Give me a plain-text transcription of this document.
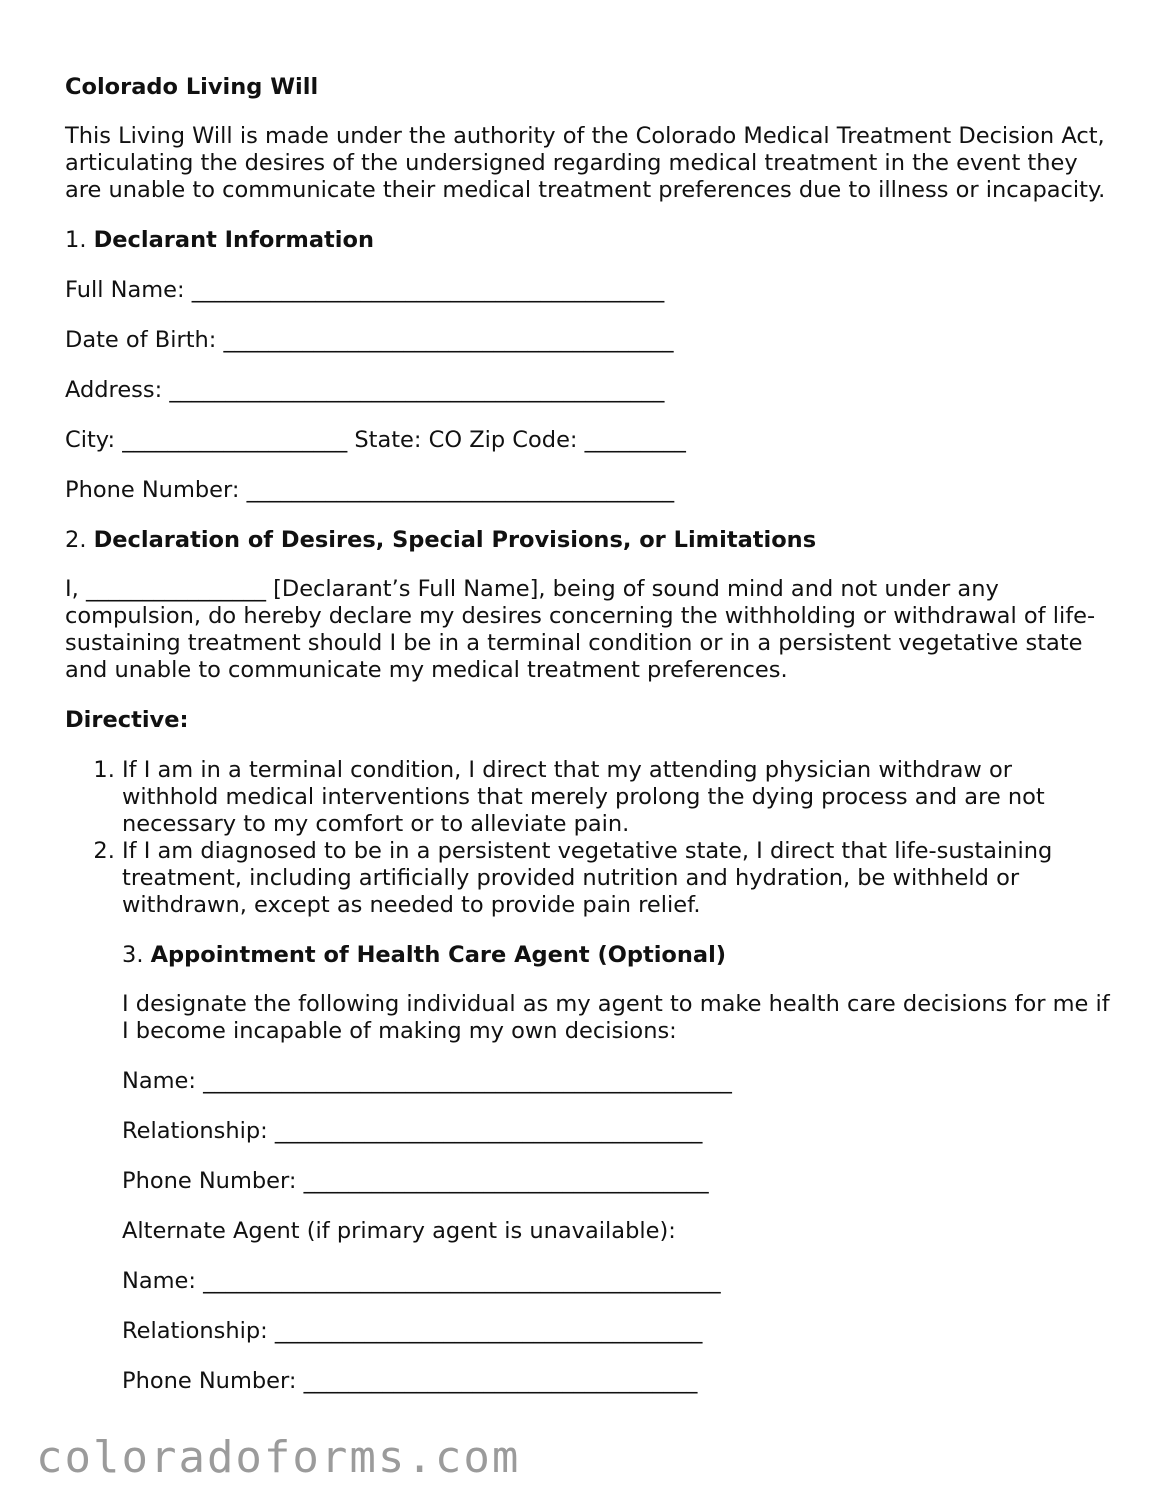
Colorado Living Will

This Living Will is made under the authority of the Colorado Medical Treatment Decision Act, articulating the desires of the undersigned regarding medical treatment in the event they are unable to communicate their medical treatment preferences due to illness or incapacity.

1. Declarant Information

Full Name: __________________________________________

Date of Birth: ________________________________________

Address: ____________________________________________

City: ____________________ State: CO Zip Code: _________

Phone Number: ______________________________________

2. Declaration of Desires, Special Provisions, or Limitations

I, ________________ [Declarant’s Full Name], being of sound mind and not under any compulsion, do hereby declare my desires concerning the withholding or withdrawal of life-sustaining treatment should I be in a terminal condition or in a persistent vegetative state and unable to communicate my medical treatment preferences.

Directive:

1. If I am in a terminal condition, I direct that my attending physician withdraw or withhold medical interventions that merely prolong the dying process and are not necessary to my comfort or to alleviate pain.
2. If I am diagnosed to be in a persistent vegetative state, I direct that life-sustaining treatment, including artificially provided nutrition and hydration, be withheld or withdrawn, except as needed to provide pain relief.

3. Appointment of Health Care Agent (Optional)

I designate the following individual as my agent to make health care decisions for me if I become incapable of making my own decisions:

Name: _______________________________________________

Relationship: ______________________________________

Phone Number: ____________________________________

Alternate Agent (if primary agent is unavailable):

Name: ______________________________________________

Relationship: ______________________________________

Phone Number: ___________________________________

coloradoforms.com
